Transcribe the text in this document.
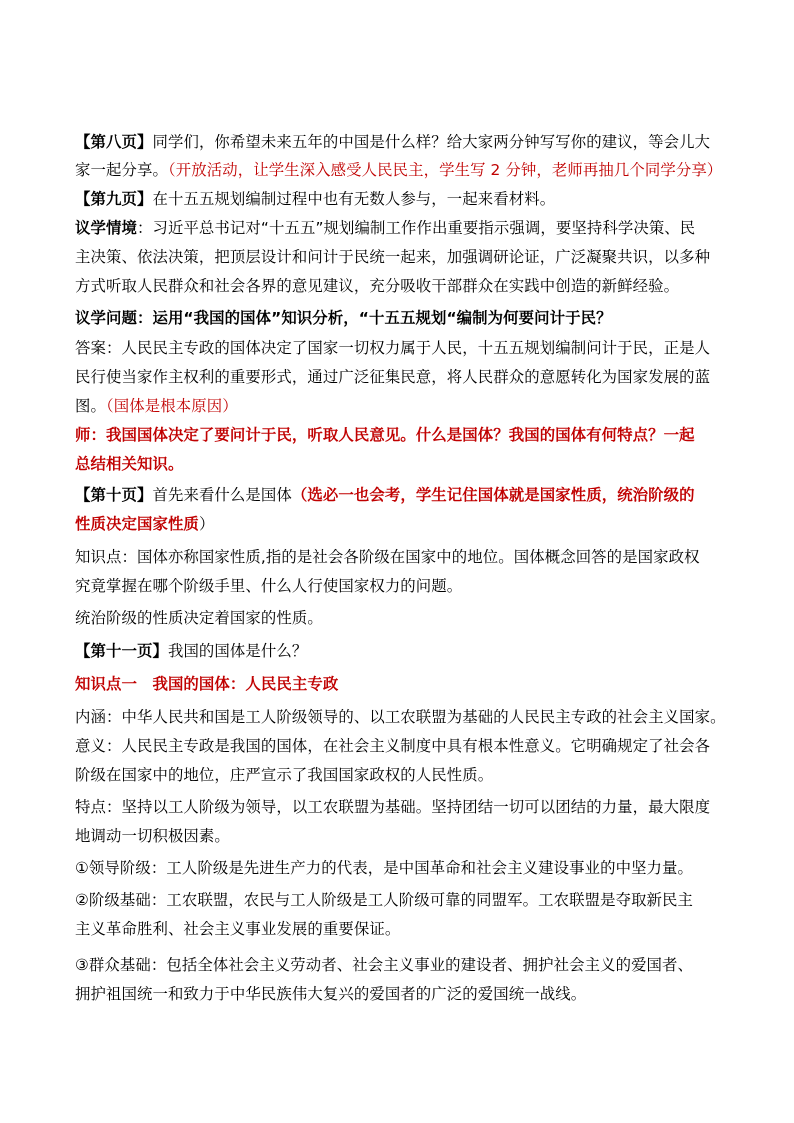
【第八页】同学们，你希望未来五年的中国是什么样？给大家两分钟写写你的建议，等会儿大
家一起分享。（开放活动，让学生深入感受人民民主，学生写 2 分钟，老师再抽几个同学分享）
【第九页】在十五五规划编制过程中也有无数人参与，一起来看材料。
议学情境：习近平总书记对“十五五”规划编制工作作出重要指示强调，要坚持科学决策、民
主决策、依法决策，把顶层设计和问计于民统一起来，加强调研论证，广泛凝聚共识，以多种
方式听取人民群众和社会各界的意见建议，充分吸收干部群众在实践中创造的新鲜经验。
议学问题：运用“我国的国体”知识分析，“十五五规划“编制为何要问计于民？
答案：人民民主专政的国体决定了国家一切权力属于人民，十五五规划编制问计于民，正是人
民行使当家作主权利的重要形式，通过广泛征集民意，将人民群众的意愿转化为国家发展的蓝
图。（国体是根本原因）
师：我国国体决定了要问计于民，听取人民意见。什么是国体？我国的国体有何特点？一起
总结相关知识。
【第十页】首先来看什么是国体（选必一也会考，学生记住国体就是国家性质，统治阶级的
性质决定国家性质）
知识点：国体亦称国家性质,指的是社会各阶级在国家中的地位。国体概念回答的是国家政权
究竟掌握在哪个阶级手里、什么人行使国家权力的问题。
统治阶级的性质决定着国家的性质。
【第十一页】我国的国体是什么？
知识点一　我国的国体：人民民主专政
内涵：中华人民共和国是工人阶级领导的、以工农联盟为基础的人民民主专政的社会主义国家。
意义：人民民主专政是我国的国体，在社会主义制度中具有根本性意义。它明确规定了社会各
阶级在国家中的地位，庄严宣示了我国国家政权的人民性质。
特点：坚持以工人阶级为领导，以工农联盟为基础。坚持团结一切可以团结的力量，最大限度
地调动一切积极因素。
①领导阶级：工人阶级是先进生产力的代表，是中国革命和社会主义建设事业的中坚力量。
②阶级基础：工农联盟，农民与工人阶级是工人阶级可靠的同盟军。工农联盟是夺取新民主
主义革命胜利、社会主义事业发展的重要保证。
③群众基础：包括全体社会主义劳动者、社会主义事业的建设者、拥护社会主义的爱国者、
拥护祖国统一和致力于中华民族伟大复兴的爱国者的广泛的爱国统一战线。
